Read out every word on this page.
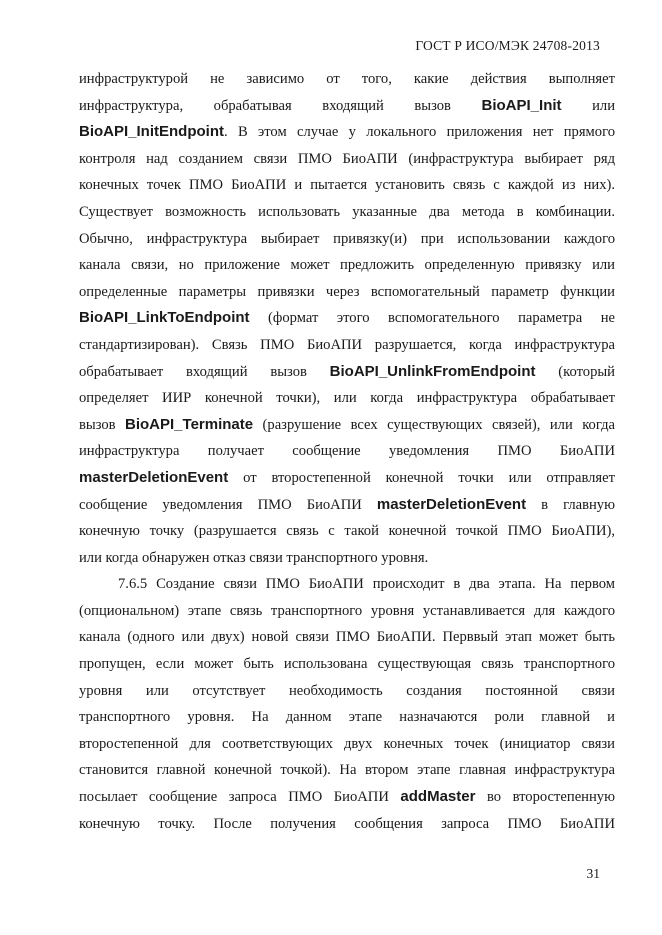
ГОСТ Р ИСО/МЭК 24708-2013
инфраструктурой не зависимо от того, какие действия выполняет
инфраструктура, обрабатывая входящий вызов BioAPI_Init или
BioAPI_InitEndpoint. В этом случае у локального приложения нет прямого
контроля над созданием связи ПМО БиоАПИ (инфраструктура выбирает ряд
конечных точек ПМО БиоАПИ и пытается установить связь с каждой из них).
Существует возможность использовать указанные два метода в комбинации.
Обычно, инфраструктура выбирает привязку(и) при использовании каждого
канала связи, но приложение может предложить определенную привязку или
определенные параметры привязки через вспомогательный параметр функции
BioAPI_LinkToEndpoint (формат этого вспомогательного параметра не
стандартизирован). Связь ПМО БиоАПИ разрушается, когда инфраструктура
обрабатывает входящий вызов BioAPI_UnlinkFromEndpoint (который
определяет ИИР конечной точки), или когда инфраструктура обрабатывает
вызов BioAPI_Terminate (разрушение всех существующих связей), или когда
инфраструктура получает сообщение уведомления ПМО БиоАПИ
masterDeletionEvent от второстепенной конечной точки или отправляет
сообщение уведомления ПМО БиоАПИ masterDeletionEvent в главную
конечную точку (разрушается связь с такой конечной точкой ПМО БиоАПИ),
или когда обнаружен отказ связи транспортного уровня.
7.6.5 Создание связи ПМО БиоАПИ происходит в два этапа. На первом
(опциональном) этапе связь транспортного уровня устанавливается для каждого
канала (одного или двух) новой связи ПМО БиоАПИ. Перввый этап может быть
пропущен, если может быть использована существующая связь транспортного
уровня или отсутствует необходимость создания постоянной связи
транспортного уровня. На данном этапе назначаются роли главной и
второстепенной для соответствующих двух конечных точек (инициатор связи
становится главной конечной точкой). На втором этапе главная инфраструктура
посылает сообщение запроса ПМО БиоАПИ addMaster во второстепенную
конечную точку. После получения сообщения запроса ПМО БиоАПИ
31
